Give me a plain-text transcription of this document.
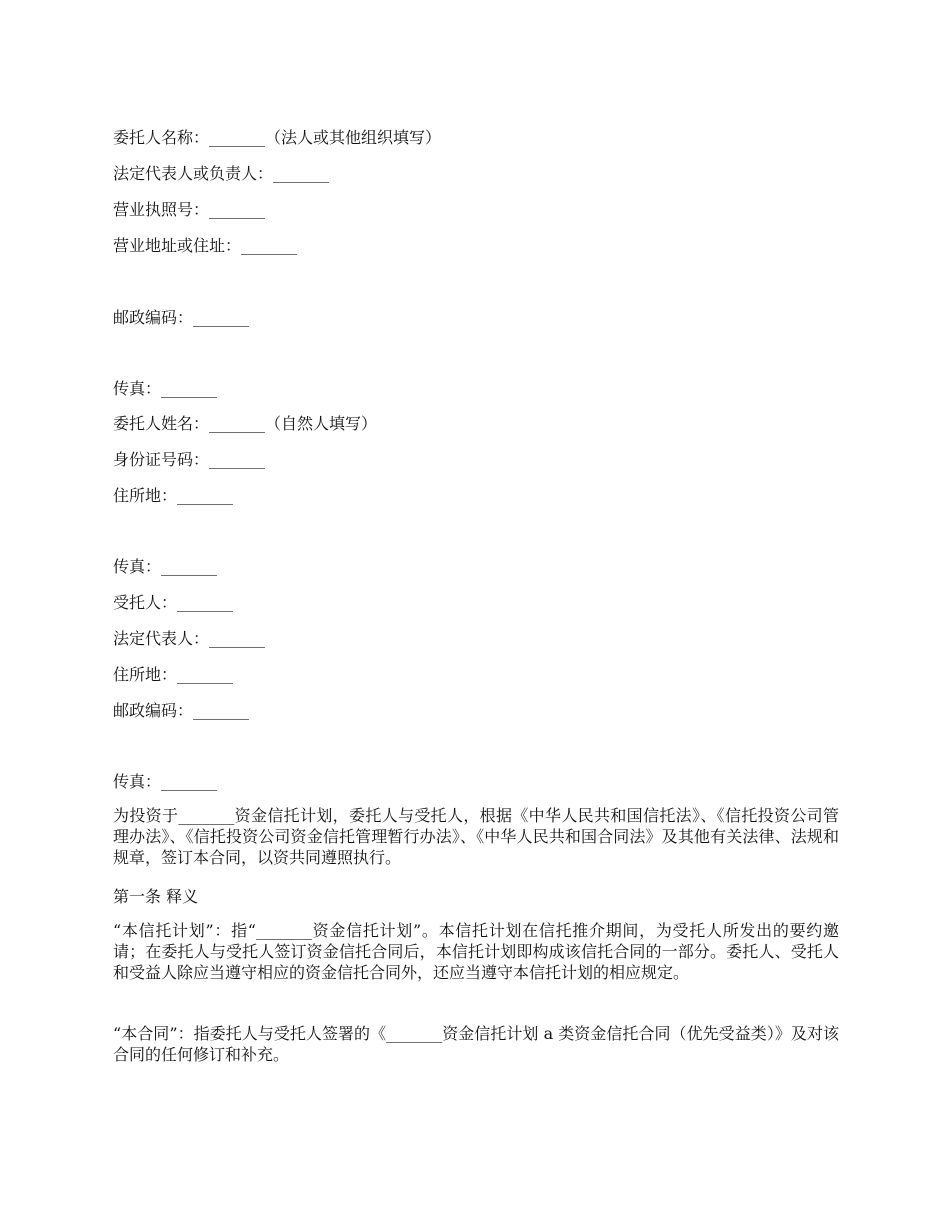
委托人名称：_______（法人或其他组织填写）
法定代表人或负责人：_______
营业执照号：_______
营业地址或住址：_______
邮政编码：_______
传真：_______
委托人姓名：_______（自然人填写）
身份证号码：_______
住所地：_______
传真：_______
受托人：_______
法定代表人：_______
住所地：_______
邮政编码：_______
传真：_______
为投资于_______资金信托计划，委托人与受托人，根据《中华人民共和国信托法》、《信托投资公司管理办法》、《信托投资公司资金信托管理暂行办法》、《中华人民共和国合同法》及其他有关法律、法规和规章，签订本合同，以资共同遵照执行。
第一条 释义
“本信托计划”：指“_______资金信托计划”。本信托计划在信托推介期间，为受托人所发出的要约邀请；在委托人与受托人签订资金信托合同后，本信托计划即构成该信托合同的一部分。委托人、受托人和受益人除应当遵守相应的资金信托合同外，还应当遵守本信托计划的相应规定。
“本合同”：指委托人与受托人签署的《_______资金信托计划 a 类资金信托合同（优先受益类）》及对该合同的任何修订和补充。
